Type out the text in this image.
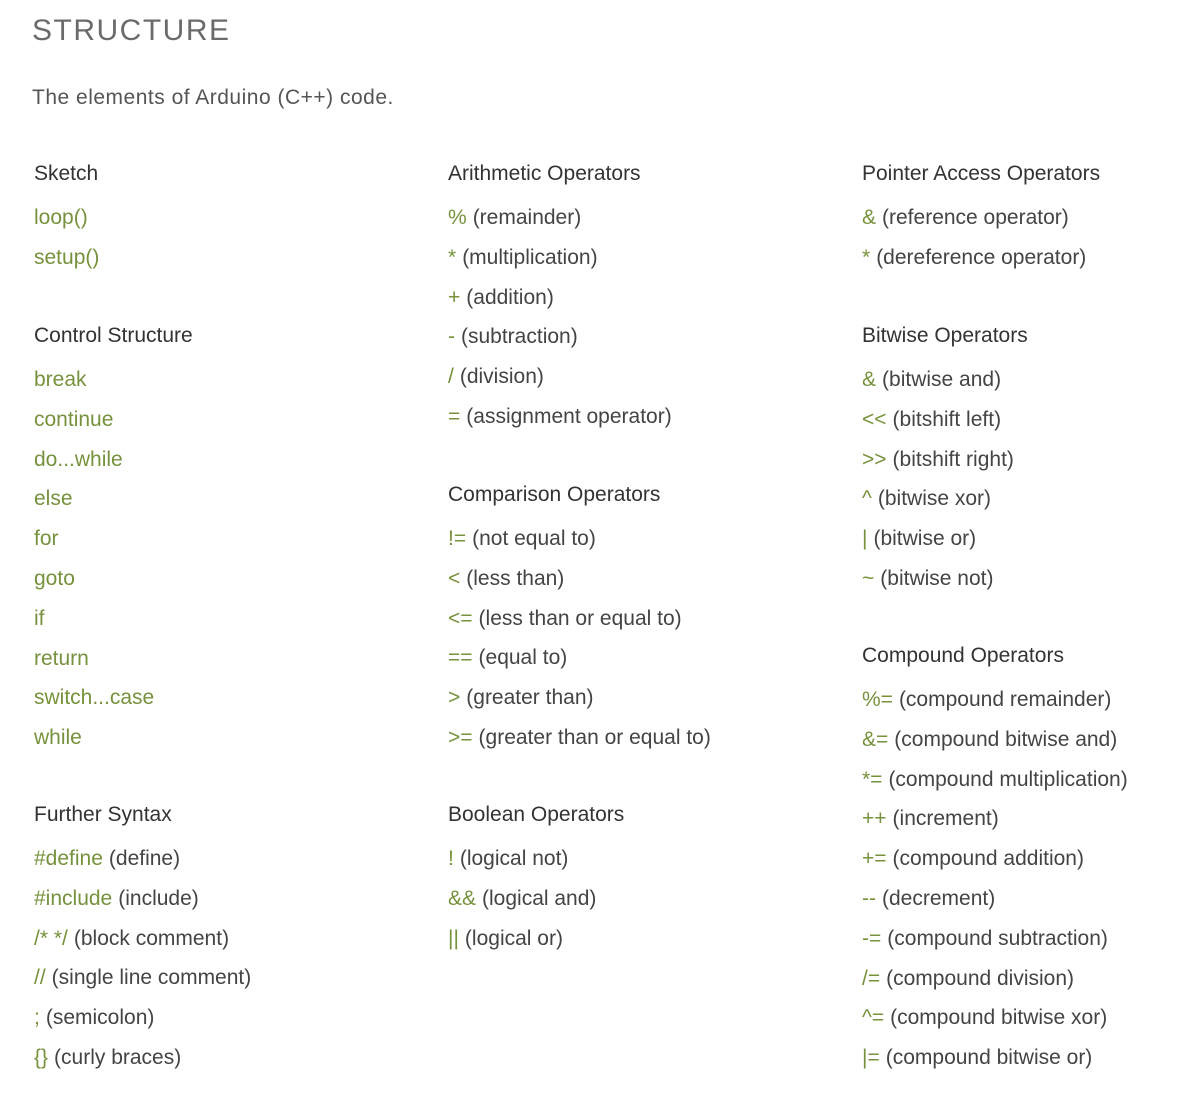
STRUCTURE

The elements of Arduino (C++) code.

Sketch
loop()
setup()
Control Structure
break
continue
do...while
else
for
goto
if
return
switch...case
while
Further Syntax
#define (define)
#include (include)
/* */ (block comment)
// (single line comment)
; (semicolon)
{} (curly braces)
Arithmetic Operators
% (remainder)
* (multiplication)
+ (addition)
- (subtraction)
/ (division)
= (assignment operator)
Comparison Operators
!= (not equal to)
< (less than)
<= (less than or equal to)
== (equal to)
> (greater than)
>= (greater than or equal to)
Boolean Operators
! (logical not)
&& (logical and)
|| (logical or)
Pointer Access Operators
& (reference operator)
* (dereference operator)
Bitwise Operators
& (bitwise and)
<< (bitshift left)
>> (bitshift right)
^ (bitwise xor)
| (bitwise or)
~ (bitwise not)
Compound Operators
%= (compound remainder)
&= (compound bitwise and)
*= (compound multiplication)
++ (increment)
+= (compound addition)
-- (decrement)
-= (compound subtraction)
/= (compound division)
^= (compound bitwise xor)
|= (compound bitwise or)
